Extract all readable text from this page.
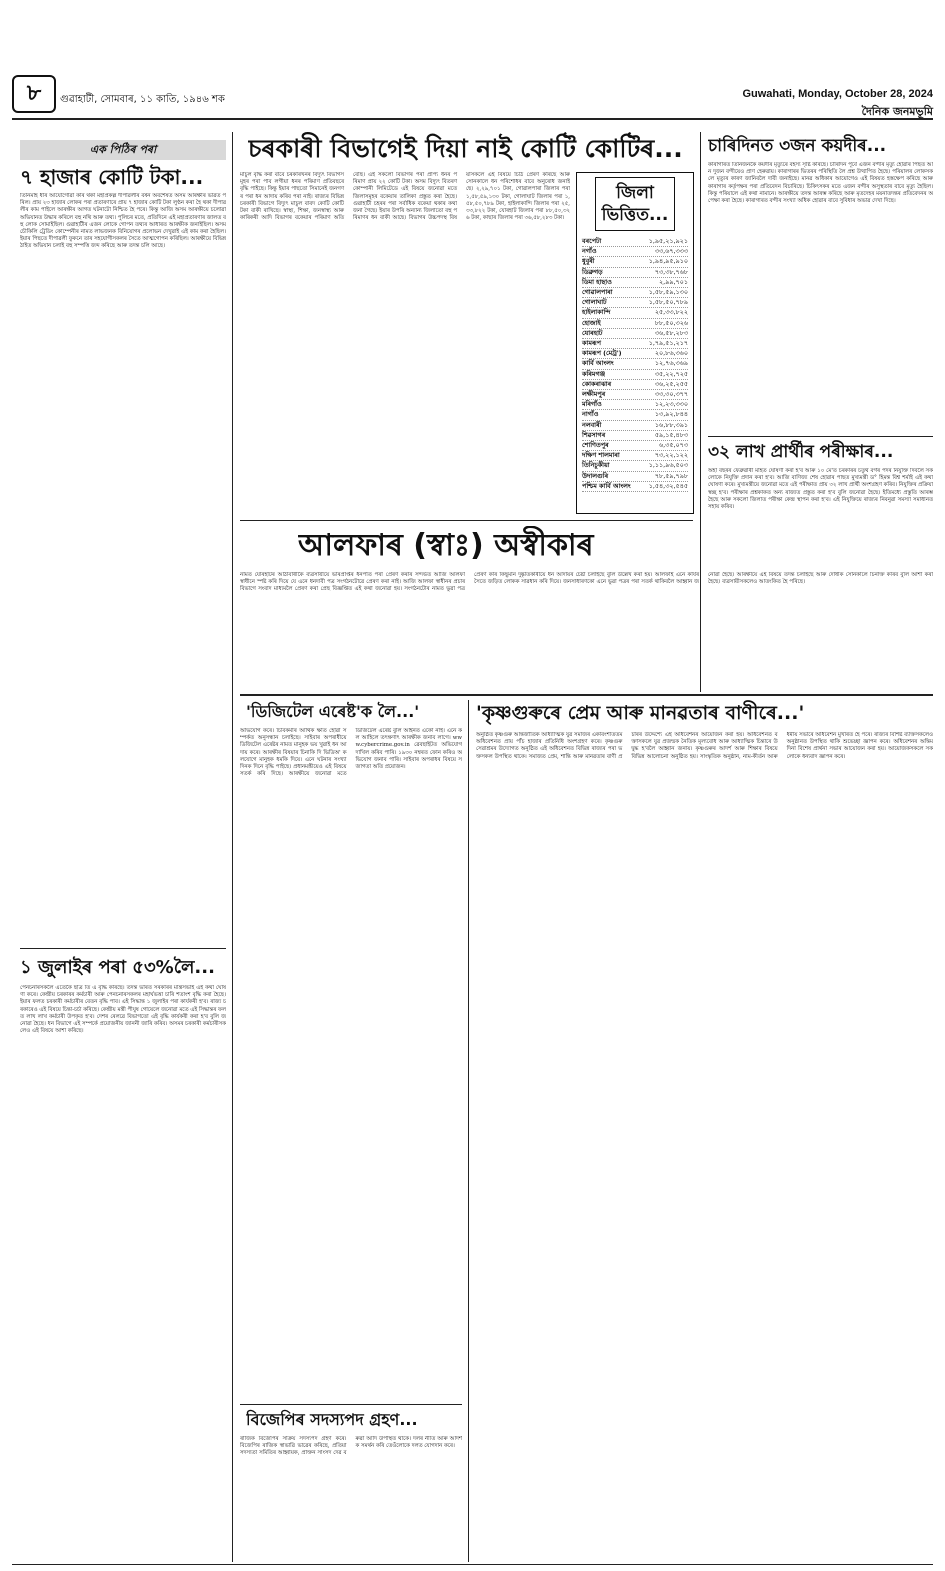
৮	গুৱাহাটী, সোমবাৰ, ১১ কাতি, ১৯৪৬ শক	Guwahati, Monday, October 28, 2024
দৈনিক জনমভূমি
এক পিঠিৰ পৰা
৭ হাজাৰ কোটি টকা...
তিনিমাহ ধৰি আযোগোৱা কৰি থকা মহাপ্ৰকল্প দীপাৱলীৰ বৰ্ষন অবশেষত অসম আৰক্ষীৰ ভাৱত পৰিল। প্ৰায় ২৩ হাজাৰ লোকৰ পৰা প্ৰতাৰণাৰে প্ৰায় ৭ হাজাৰ কোটি টকা লুণ্ঠন কৰা হৈ থকা দীপাৱলীৰ কাম পাইলে আৰক্ষীৰ আগত ঘটনাটো নিশ্চিত হৈ পৰে। কিন্তু আজি অসম আৰক্ষীয়ে চলোৱা অভিযানত উদ্ধাৰ কৰিলে বহু নথি আৰু তথ্য। পুলিচৰ মতে, প্ৰতিদিনে এই মহাপ্ৰতাৰণাৰ জালত বহু লোক সোমাইছিল। গুৱাহাটীৰ এজন লোকে গোপন তথ্যৰ আধাৰত আৰক্ষীক জনাইছিল। অসম চৌকিলি ট্ৰেডিং কোম্পেনীৰ নামত লাভজনক বিনিয়োগৰ প্ৰলোভন দেখুৱাই এই কাম কৰা হৈছিল। ইয়াৰ পিছতে দীপাৱলী ফুকনে তাৰ সহযোগীসকলৰ সৈতে আত্মগোপন কৰিছিল। আৰক্ষীয়ে বিভিন্ন ঠাইত অভিযান চলাই বহু সম্পত্তি জব্দ কৰিছে আৰু তদন্ত চলি আছে।
১ জুলাইৰ পৰা ৫৩%লৈ...
পেনচনাৰসকলৈ এতেকৈ ছাত্ৰ তি এ বৃদ্ধি কৰিছে। তদন্ত ভাৰত সৰকাৰৰ মন্ত্ৰিসভাই এই কথা ঘোষণা কৰে। কেন্দ্ৰীয় চৰকাৰৰ কৰ্মচাৰী আৰু পেনচনাৰসকলৰ মহাৰ্ঘভত্তা চাৰি শতাংশ বৃদ্ধি কৰা হৈছে। ইয়াৰ ফলত চৰকাৰী কৰ্মচাৰীৰ বেতন বৃদ্ধি পাব। এই সিদ্ধান্ত ১ জুলাইৰ পৰা কাৰ্যকৰী হ'ব। ৰাজ্য চৰকাৰেও এই বিষয়ে চিন্তা-চৰ্চা কৰিছে। কেন্দ্ৰীয় মন্ত্ৰী পীযুষ গোয়েলে জনোৱা মতে এই সিদ্ধান্তৰ ফলত লাখ লাখ কৰ্মচাৰী উপকৃত হ'ব। দেশৰ ৰেলৱে বিভাগতো এই বৃদ্ধি কাৰ্যকৰী কৰা হ'ব বুলি জনোৱা হৈছে। ধন বিভাগে এই সম্পৰ্কে প্ৰয়োজনীয় জাননী জাৰি কৰিব। অসমৰ চৰকাৰী কৰ্মচাৰীসকলেও এই বিষয়ে আশা কৰিছে।
চৰকাৰী বিভাগেই দিয়া নাই কোটি কোটিৰ...
মাচুল বৃদ্ধি কৰা বাবে চৰকাৰখনৰ বিদ্যুৎ বিভাগসমূহৰ পৰা পাব লগীয়া ধনৰ পৰিমাণ প্ৰতিবছৰে বৃদ্ধি পাইছে। কিন্তু ইয়াৰ পাছতো সিমানেই জনগণৰ পৰা ধন আদায় কৰিব পৰা নাই। ৰাজ্যৰ বিভিন্ন চৰকাৰী বিভাগে বিদ্যুৎ মাচুল বাবদ কোটি কোটি টকা বাকী ৰাখিছে। স্বাস্থ্য, শিক্ষা, জনস্বাস্থ্য আৰু কাৰিকৰী আদি বিভাগৰ বকেয়াৰ পৰিমাণ অতি বেছি। এই সকলো বিভাগৰ পৰা প্ৰাপ্য ধনৰ পৰিমাণ প্ৰায় ২২ কোটি টকা। অসম বিদ্যুৎ বিতৰণ কোম্পানী লিমিটেডে এই বিষয়ে জনোৱা মতে জিলাসমূহৰ বকেয়াৰ তালিকা প্ৰস্তুত কৰা হৈছে। গুৱাহাটী চহৰৰ পৰা সৰ্বাধিক বকেয়া থকাৰ কথা জনা গৈছে। ইয়াৰ উপৰি অন্যান্য জিলাতো বহু পৰিমাণৰ ধন বাকী আছে। বিভাগৰ উচ্চপদস্থ বিষয়াসকলে এই বিষয়ে চিঠি প্ৰেৰণ কৰিছে আৰু সোনকালে ধন পৰিশোধৰ বাবে অনুৰোধ জনাইছে। ২,২৯,৭০১ টকা, গোৱালপাৰা জিলাৰ পৰা ১,৫৮,৫৯,১৩০ টকা, গোলাঘাট জিলাৰ পৰা ১,৫৮,৫০,৭৮৯ টকা, হাইলাকান্দি জিলাৰ পৰা ২৫,৩৩,৮২২ টকা, যোৰহাট জিলাৰ পৰা ৮৮,৫০,৩২৬ টকা, কাছাৰ জিলাৰ পৰা ৩৬,৫৮,২৮৩ টকা।
জিলা
ভিত্তিত...
বৰপেটা	১,৯৫,২১,৯২১
নগাঁও	৩৩,৬৭,৩৩৩
ধুবুৰী	১,৯৪,৯৫,৯১০
ডিব্ৰুগড়	৭৩,৩৮,৭৬৮
ডিমা হাছাও	২,৯৯,৭০১
গোৱালপাৰা	১,৫৮,৫৯,১৩০
গোলাঘাট	১,৫৮,৫০,৭৮৯
হাইলাকান্দি	২৫,৩৩,৮২২
হোজাই	৮৮,৫০,৩২৬
যোৰহাট	৩৬,৫৮,২৮৩
কামৰূপ	১,৭৯,৫১,২১৭
কামৰূপ (মেট্ৰ')	২০,৮৬,৩৬০
কাৰ্বি আংলং	১২,৭৬,৩৬৯
কৰিমগঞ্জ	৩৫,২২,৭২৫
কোকৰাঝাৰ	৩৬,২৫,২৫৫
লক্ষীমপুৰ	৩৩,৩০,৩৭৭
মৰিগাঁও	১২,২৩,৩৩০
নাগাঁও	১৩,৯২,৮৪৪
নলবাৰী	১৬,৮৮,৩৯১
শিৱসাগৰ	৫৯,১৫,৪৮৩
শোণিতপুৰ	৬,৩৫,০৭৩
দক্ষিণ শালমাৰা	৭৩,২২,১২২
তিনিচুকীয়া	১,১১,৯৬,৫০৩
উদালগুৰি	৭৮,৫৯,৭৯৮
পশ্চিম কাৰ্বি আংলং	১,৫৪,৩২,৫৪৫
চাৰিদিনত ৩জন কয়দীৰ...
কাৰাগাৰত তিনিজনকৈ কয়দীৰ মৃত্যুৰে বহস্য সৃষ্টি কৰিছে। চাৰিদিন পূৰ্বে এজন বন্দীৰ মৃত্যু হোৱাৰ পিছত আন দুজন বন্দীয়েও প্ৰাণ হেৰুৱায়। কাৰাগাৰৰ ভিতৰৰ পৰিস্থিতি লৈ প্ৰশ্ন উত্থাপিত হৈছে। পৰিয়ালৰ লোকসকলে মৃত্যুৰ কাৰণ জানিবলৈ দাবী জনাইছে। মানৱ অধিকাৰ আয়োগেও এই বিষয়ত হস্তক্ষেপ কৰিছে আৰু কাৰাগাৰ কৰ্তৃপক্ষৰ পৰা প্ৰতিবেদন বিচাৰিছে। চিকিৎসকৰ মতে এজন বন্দীৰ অসুস্থতাৰ বাবে মৃত্যু হৈছিল। কিন্তু পৰিয়ালে এই কথা নামানে। আৰক্ষীয়ে তদন্ত আৰম্ভ কৰিছে আৰু মৃতদেহৰ ময়নাতদন্তৰ প্ৰতিবেদনৰ অপেক্ষা কৰা হৈছে। কাৰাগাৰত বন্দীৰ সংখ্যা অধিক হোৱাৰ বাবে সুবিধাৰ অভাৱ দেখা দিছে।
৩২ লাখ প্ৰাৰ্থীৰ পৰীক্ষাৰ...
অহা বছৰৰ ফেব্ৰুৱাৰী মাহত ঘোষণা কৰা হ'ব আৰু ১০ মে'ত চৰকাৰৰ চতুৰ্থ বৰ্গৰ পদৰ নিযুক্তি দিবলৈ সকলোকে নিযুক্তি প্ৰদান কৰা হ'ব। আজি বাণিজ্য শেষ হোৱাৰ পাছত মুখ্যমন্ত্ৰী ড° হিমন্ত বিশ্ব শৰ্মাই এই কথা ঘোষণা কৰে। মুখ্যমন্ত্ৰীয়ে জনোৱা মতে এই পৰীক্ষাত প্ৰায় ৩২ লাখ প্ৰাৰ্থী অংশগ্ৰহণ কৰিব। নিযুক্তিৰ প্ৰক্ৰিয়া স্বচ্ছ হ'ব। পৰীক্ষাৰ প্ৰশ্নকাকত অন্য ৰাজ্যত প্ৰস্তুত কৰা হ'ব বুলি জনোৱা হৈছে। ইতিমধ্যে প্ৰস্তুতি আৰম্ভ হৈছে আৰু সকলো জিলাত পৰীক্ষা কেন্দ্ৰ স্থাপন কৰা হ'ব। এই নিযুক্তিয়ে ৰাজ্যৰ নিবনুৱা সমস্যা সমাধানত সহায় কৰিব।
আলফাৰ (স্বাঃ) অস্বীকাৰ
নামত যোৰহাটৰ আঠাবাৰীকৈ ব্যৱসায়ীয়ে ভাৰপ্ৰাপ্তৰ ধনপতি পৰা প্ৰেৰণ কৰাৰ সন্দৰ্ভত আজি আলফা স্বাধীনে স্পষ্ট কৰি দিয়ে যে এনে ধনদাবী পত্ৰ সংগঠনটোৱে প্ৰেৰণ কৰা নাই। আজি আলফা স্বাধীনৰ প্ৰচাৰ বিভাগে সংবাদ মাধ্যমলৈ প্ৰেৰণ কৰা প্ৰেছ বিজ্ঞপ্তিত এই কথা জনোৱা হয়। সংগঠনটোৰ নামত ভুৱা পত্ৰ প্ৰেৰণ কৰি কিছুমান দুষ্কৃতিকাৰীয়ে ধন আদায়ৰ চেষ্টা চলাইছে বুলি উল্লেখ কৰা হয়। আলফাই এনে কাৰ্যৰ সৈতে জড়িত লোকক সাৱধান কৰি দিয়ে। জনসাধাৰণকো এনে ভুৱা পত্ৰৰ পৰা সতৰ্ক থাকিবলৈ আহ্বান জনোৱা হৈছে। আৰক্ষীয়ে এই বিষয়ে তদন্ত চলাইছে আৰু দোষীক সোনকালে চিনাক্ত কৰিব বুলি আশা কৰা হৈছে। ব্যৱসায়ীসকলেও আতংকিত হৈ পৰিছে।
'ডিজিটেল এৰেষ্ট'ক লৈ...'
অভিযোগ কৰে। চিবিকৰ্মাৰ আৰ্থিক ক্ষতি হোৱা সম্পৰ্কত অনুসন্ধান চলাইছে। সাইবাৰ অপৰাধীয়ে ডিজিটেল এৰেষ্টৰ নামত মানুহক ভয় খুৱাই ধন আদায় কৰে। আৰক্ষীৰ বিষয়াৰ চিনাকি দি ভিডিঅ' কলযোগে মানুহক ধমকি দিয়ে। এনে ঘটনাৰ সংখ্যা দিনক দিনে বৃদ্ধি পাইছে। প্ৰধানমন্ত্ৰীয়েও এই বিষয়ে সতৰ্ক কৰি দিছে। আৰক্ষীয়ে জনোৱা মতে ডিজিটেল এৰেষ্ট বুলি আইনত একো নাই। এনে কল আহিলে তৎক্ষণাৎ আৰক্ষীক জনাব লাগে। www.cybercrime.gov.in ৱেবছাইটত অভিযোগ দাখিল কৰিব পাৰি। ১৯৩০ নম্বৰত ফোন কৰিও অভিযোগ জনাব পাৰি। সাইবাৰ অপৰাধৰ বিষয়ে সজাগতা অতি প্ৰয়োজন।
বিজেপিৰ সদস্যপদ গ্ৰহণ...
ৰাজিক বিজেপিৰ সক্ৰিয় সদস্যপদ গ্ৰহণ কৰে। বিজেপিৰ ৰাজিক স্বাভাৱি ভাৱেৰ কৰিছে, প্ৰতিয়া সদস্যতা সমিতিৰ আহ্বায়ক, প্ৰাক্তন সাংসদ দেৱ বৰুৱা আদি উপস্থিত থাকে। দলৰ নীতি আৰু আদৰ্শক সমৰ্থন কৰি তেওঁলোকে দলত যোগদান কৰে।
'কৃষ্ণগুৰুৰে প্ৰেম আৰু মানৱতাৰ বাণীৰে...'
অনুষ্ঠিত কৃষ্ণগুৰু আন্তৰ্জাতিক আধ্যাত্মিক যুৱ সমাজৰ একবিংশতিতম অধিবেশনত প্ৰায় পাঁচ হাজাৰ প্ৰতিনিধি অংশগ্ৰহণ কৰে। কৃষ্ণগুৰু সেৱাশ্ৰমৰ উদ্যোগত অনুষ্ঠিত এই অধিবেশনত বিভিন্ন ৰাজ্যৰ পৰা ভক্তসকল উপস্থিত থাকে। সমাজত প্ৰেম, শান্তি আৰু মানৱতাৰ বাণী প্ৰচাৰৰ উদ্দেশ্যে এই অধিবেশনৰ আয়োজন কৰা হয়। অধিবেশনত বক্তাসকলে যুৱ প্ৰজন্মক নৈতিক মূল্যবোধ আৰু আধ্যাত্মিক চিন্তাৰে উদ্বুদ্ধ হ'বলৈ আহ্বান জনায়। কৃষ্ণগুৰুৰ আদৰ্শ আৰু শিক্ষাৰ বিষয়ে বিভিন্ন আলোচনা অনুষ্ঠিত হয়। সাংস্কৃতিক অনুষ্ঠান, নাম-কীৰ্তন আৰু ধৰ্মীয় সভাৰে অধিবেশন মুখৰিত হৈ পৰে। ৰাজ্যৰ বিশিষ্ট ব্যক্তিসকলেও অনুষ্ঠানত উপস্থিত থাকি শুভেচ্ছা জ্ঞাপন কৰে। অধিবেশনৰ অন্তিম দিনা বিশেষ প্ৰাৰ্থনা সভাৰ আয়োজন কৰা হয়। আয়োজকসকলে সকলোকে ধন্যবাদ জ্ঞাপন কৰে।
